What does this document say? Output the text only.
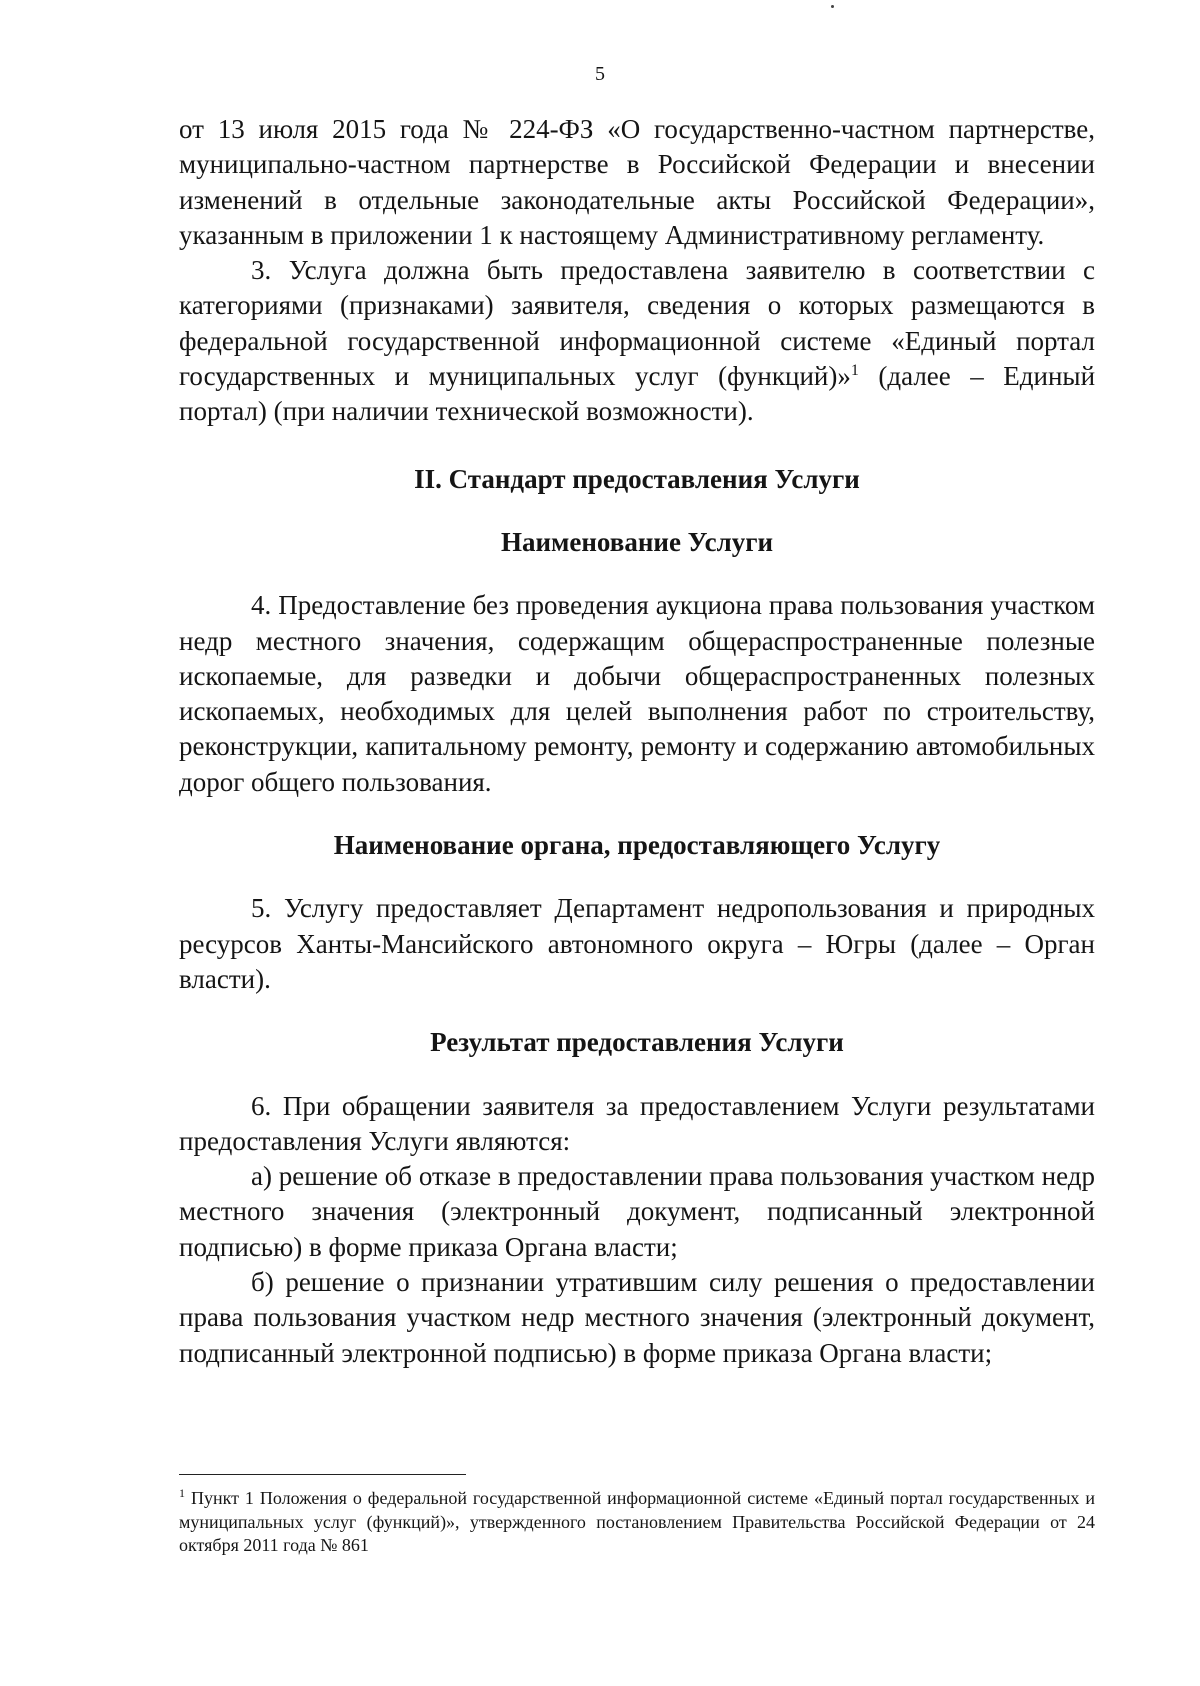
5

от 13 июля 2015 года № 224-ФЗ «О государственно-частном партнерстве, муниципально-частном партнерстве в Российской Федерации и внесении изменений в отдельные законодательные акты Российской Федерации», указанным в приложении 1 к настоящему Административному регламенту.

3. Услуга должна быть предоставлена заявителю в соответствии с категориями (признаками) заявителя, сведения о которых размещаются в федеральной государственной информационной системе «Единый портал государственных и муниципальных услуг (функций)»$^1$ (далее – Единый портал) (при наличии технической возможности).

II. Стандарт предоставления Услуги

Наименование Услуги

4. Предоставление без проведения аукциона права пользования участком недр местного значения, содержащим общераспространенные полезные ископаемые, для разведки и добычи общераспространенных полезных ископаемых, необходимых для целей выполнения работ по строительству, реконструкции, капитальному ремонту, ремонту и содержанию автомобильных дорог общего пользования.

Наименование органа, предоставляющего Услугу

5. Услугу предоставляет Департамент недропользования и природных ресурсов Ханты-Мансийского автономного округа – Югры (далее – Орган власти).

Результат предоставления Услуги

6. При обращении заявителя за предоставлением Услуги результатами предоставления Услуги являются:

а) решение об отказе в предоставлении права пользования участком недр местного значения (электронный документ, подписанный электронной подписью) в форме приказа Органа власти;

б) решение о признании утратившим силу решения о предоставлении права пользования участком недр местного значения (электронный документ, подписанный электронной подписью) в форме приказа Органа власти;

$^1$ Пункт 1 Положения о федеральной государственной информационной системе «Единый портал государственных и муниципальных услуг (функций)», утвержденного постановлением Правительства Российской Федерации от 24 октября 2011 года № 861
